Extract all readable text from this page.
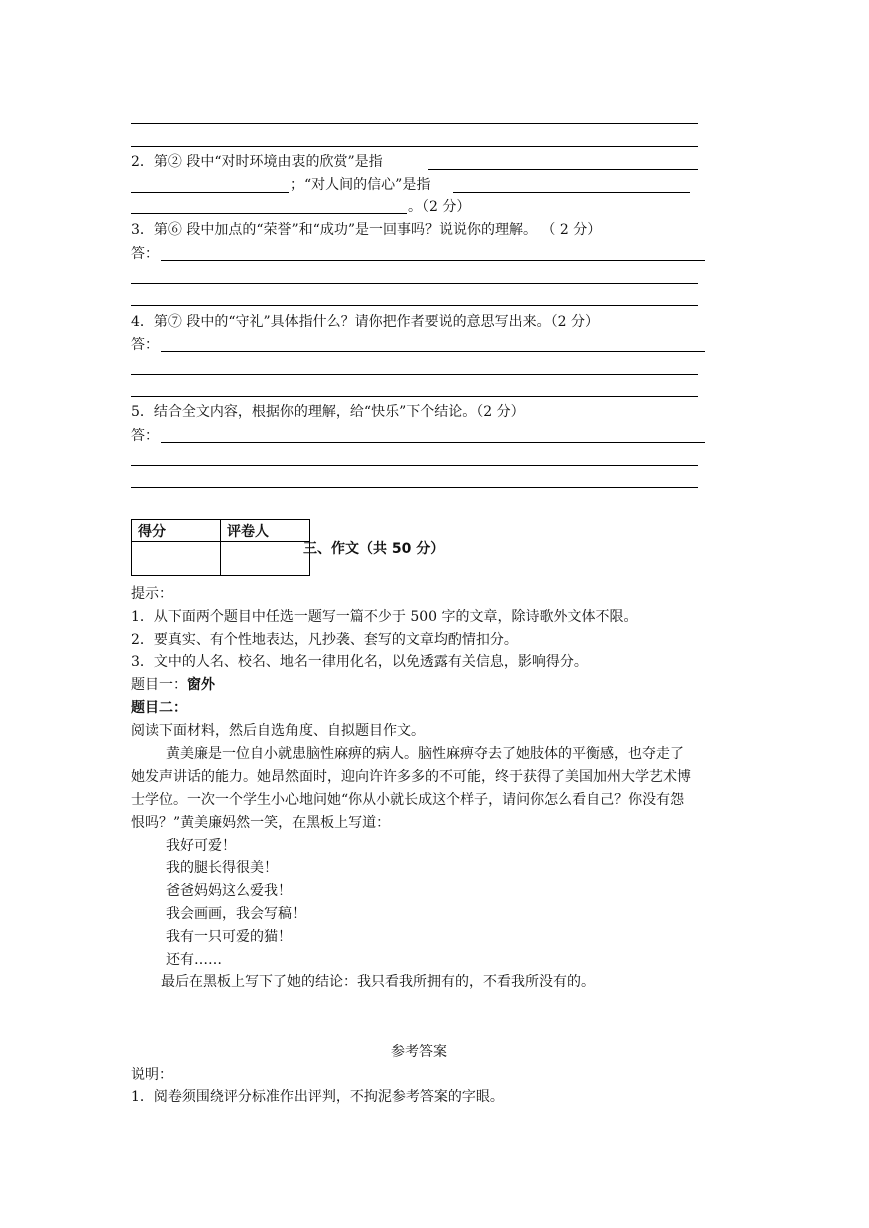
2．第② 段中“对时环境由衷的欣赏”是指
；“对人间的信心”是指
。（2 分）
3．第⑥ 段中加点的“荣誉”和“成功”是一回事吗？说说你的理解。 （ 2 分）
答：
4．第⑦ 段中的“守礼”具体指什么？请你把作者要说的意思写出来。（2 分）
答：
5．结合全文内容，根据你的理解，给“快乐”下个结论。（2 分）
答：
得分	评卷人

三、作文（共 50 分）
提示：
1．从下面两个题目中任选一题写一篇不少于 500 字的文章，除诗歌外文体不限。
2．要真实、有个性地表达，凡抄袭、套写的文章均酌情扣分。
3．文中的人名、校名、地名一律用化名，以免透露有关信息，影响得分。
题目一：窗外
题目二：
阅读下面材料，然后自选角度、自拟题目作文。
黄美廉是一位自小就患脑性麻痹的病人。脑性麻痹夺去了她肢体的平衡感，也夺走了
她发声讲话的能力。她昂然面时，迎向许许多多的不可能，终于获得了美国加州大学艺术博
士学位。一次一个学生小心地问她“你从小就长成这个样子，请问你怎么看自己？你没有怨
恨吗？”黄美廉妈然一笑，在黑板上写道：
我好可爱！
我的腿长得很美！
爸爸妈妈这么爱我！
我会画画，我会写稿！
我有一只可爱的猫！
还有……
最后在黑板上写下了她的结论：我只看我所拥有的，不看我所没有的。
参考答案
说明：
1．阅卷须围绕评分标准作出评判，不拘泥参考答案的字眼。
